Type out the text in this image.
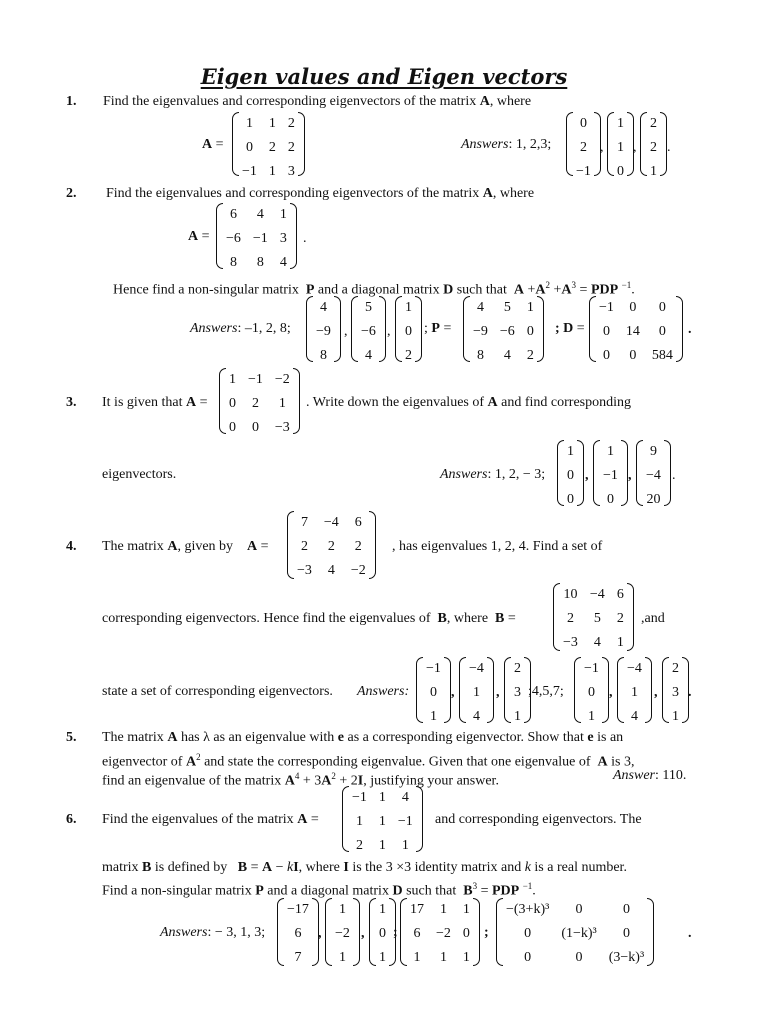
Eigen values and Eigen vectors
1. Find the eigenvalues and corresponding eigenvectors of the matrix A, where
A =
1 1 2
0 2 2
−1 1 3
Answers: 1, 2,3;
0
2
−1
,
1
1
0
,
2
2
1
.
2. Find the eigenvalues and corresponding eigenvectors of the matrix A, where
A =
6 4 1
−6 −1 3
8 8 4
.
Hence find a non-singular matrix  P and a diagonal matrix D such that  $A +A^2 +A^3$ = PDP $^{-1}$.
Answers: –1, 2, 8;
4
−9
8
,
5
−6
4
,
1
0
2
; P =
4 5 1
−9 −6 0
8 4 2
; D =
−1 0	0
0 14	0
0 0 584
.
3. It is given that A =
1 −1 −2
0 2 1
0 0 −3
. Write down the eigenvalues of A and find corresponding
eigenvectors.	Answers: 1, 2, − 3;
1
0
0
,
1
−1
0
,
9
−4
20
.
4. The matrix A, given by    A =
7 −4 6
2 2 2
−3 4 −2
, has eigenvalues 1, 2, 4. Find a set of
corresponding eigenvectors. Hence find the eigenvalues of  B, where  B =
10 −4 6
2 5 2
−3 4 1
,and
state a set of corresponding eigenvectors. Answers:
−1
0
1
,
−4
1
4
,
2
3
1
;4,5,7;
−1
0
1
,
−4
1
4
,
2
3
1
.
5. The matrix A has λ as an eigenvalue with e as a corresponding eigenvector. Show that e is an
eigenvector of $A^2$ and state the corresponding eigenvalue. Given that one eigenvalue of  A is 3,
find an eigenvalue of the matrix $A^4 + 3A^2 + 2I$, justifying your answer.	Answer: 110.
6. Find the eigenvalues of the matrix A =
−1 1 4
1 1 −1
2 1 1
and corresponding eigenvectors. The
matrix B is defined by   B = A − kI, where I is the 3 ×3 identity matrix and k is a real number.
Find a non-singular matrix P and a diagonal matrix D such that  $B^3$ = PDP $^{-1}$.
Answers: − 3, 1, 3;
−17
6
7
,
1
−2
1
,
1
0
1
;
17 1 1
6 −2 0
1 1 1
;
−(3+k)³	0	0
0	(1−k)³	0
0	0	(3−k)³
.
